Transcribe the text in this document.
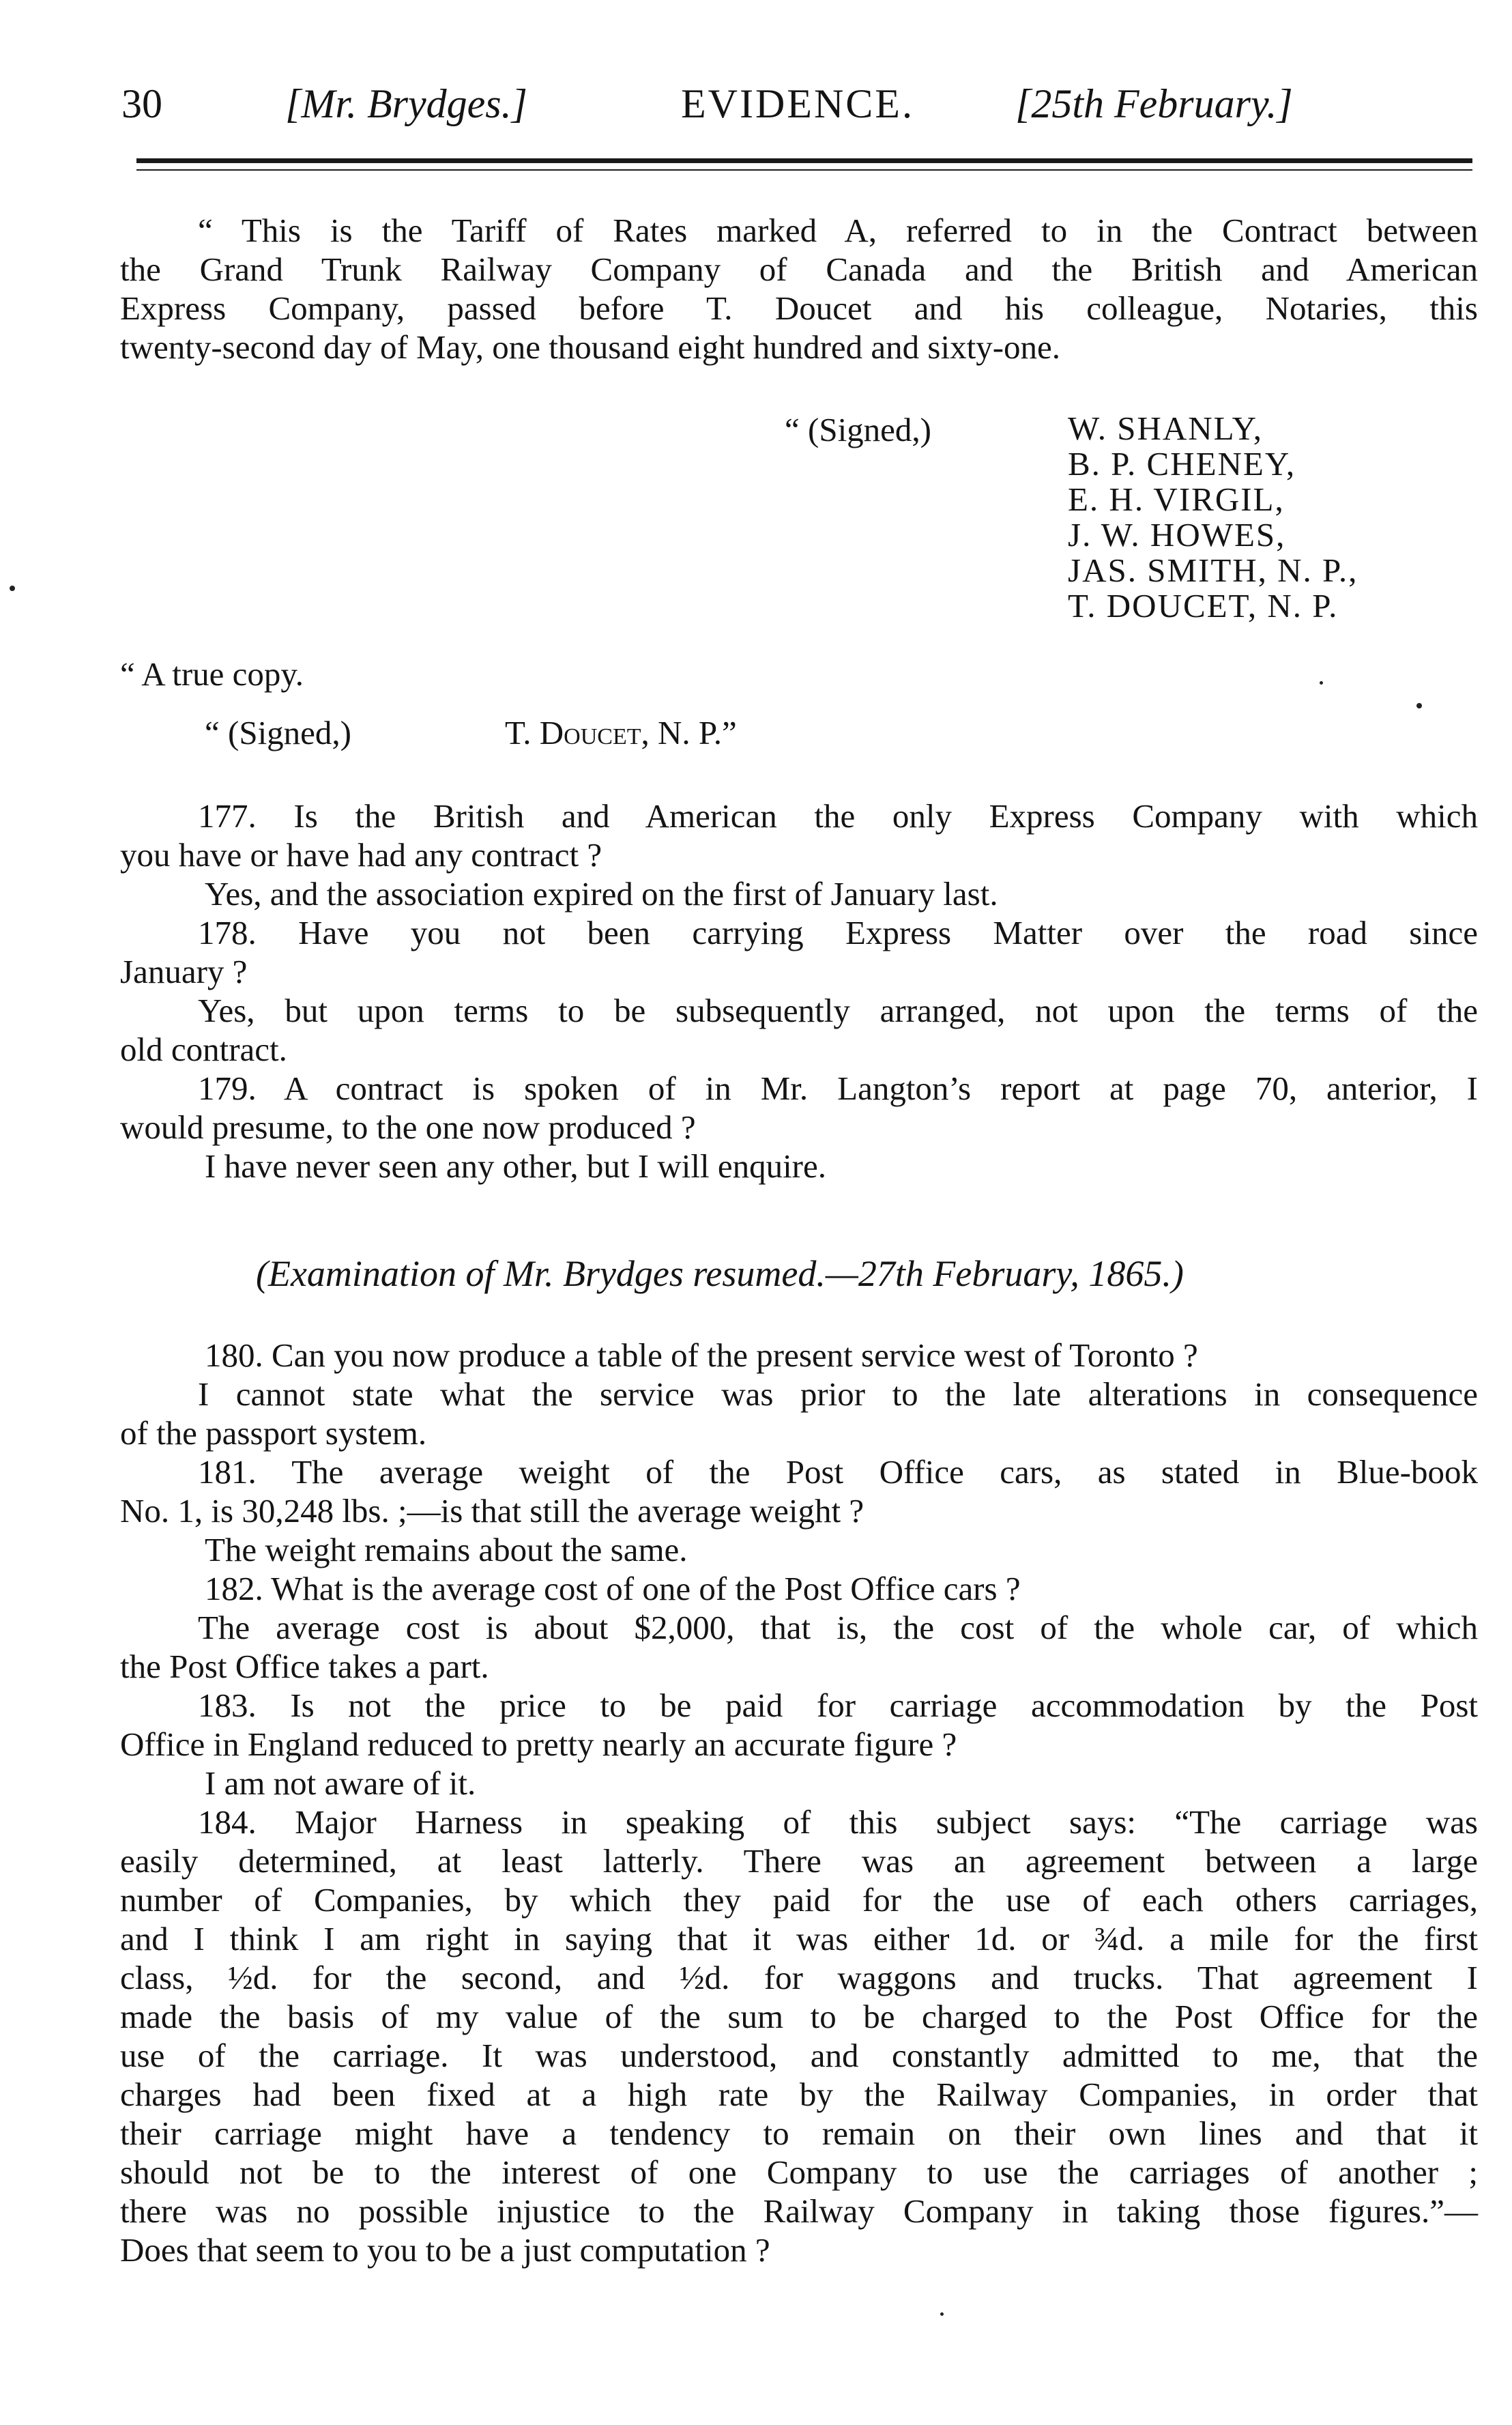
30	[Mr. Brydges.]	EVIDENCE. [25th February.]
“ This is the Tariff of Rates marked A, referred to in the Contract between
the Grand Trunk Railway Company of Canada and the British and American
Express Company, passed before T. Doucet and his colleague, Notaries, this
twenty-second day of May, one thousand eight hundred and sixty-one.
“ (Signed,)	W. SHANLY,
B. P. CHENEY,
E. H. VIRGIL,
J. W. HOWES,
JAS. SMITH, N. P.,
T. DOUCET, N. P.
“ A true copy.
“ (Signed,)	T. Doucet, N. P.”
177. Is the British and American the only Express Company with which
you have or have had any contract ?
Yes, and the association expired on the first of January last.
178. Have you not been carrying Express Matter over the road since
January ?
Yes, but upon terms to be subsequently arranged, not upon the terms of the
old contract.
179. A contract is spoken of in Mr. Langton’s report at page 70, anterior, I
would presume, to the one now produced ?
I have never seen any other, but I will enquire.
(Examination of Mr. Brydges resumed.—27th February, 1865.)
180. Can you now produce a table of the present service west of Toronto ?
I cannot state what the service was prior to the late alterations in consequence
of the passport system.
181. The average weight of the Post Office cars, as stated in Blue-book
No. 1, is 30,248 lbs. ;—is that still the average weight ?
The weight remains about the same.
182. What is the average cost of one of the Post Office cars ?
The average cost is about $2,000, that is, the cost of the whole car, of which
the Post Office takes a part.
183. Is not the price to be paid for carriage accommodation by the Post
Office in England reduced to pretty nearly an accurate figure ?
I am not aware of it.
184. Major Harness in speaking of this subject says: “The carriage was
easily determined, at least latterly. There was an agreement between a large
number of Companies, by which they paid for the use of each others carriages,
and I think I am right in saying that it was either 1d. or ¾d. a mile for the first
class, ½d. for the second, and ½d. for waggons and trucks. That agreement I
made the basis of my value of the sum to be charged to the Post Office for the
use of the carriage. It was understood, and constantly admitted to me, that the
charges had been fixed at a high rate by the Railway Companies, in order that
their carriage might have a tendency to remain on their own lines and that it
should not be to the interest of one Company to use the carriages of another ;
there was no possible injustice to the Railway Company in taking those figures.”—
Does that seem to you to be a just computation ?
